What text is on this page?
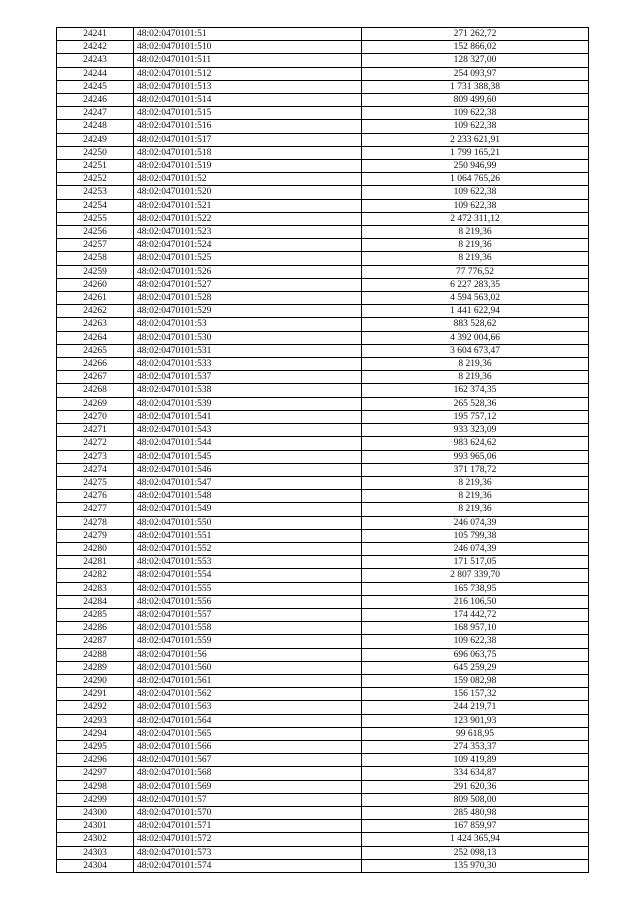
24241	48:02:0470101:51	271 262,72
24242	48:02:0470101:510	152 866,02
24243	48:02:0470101:511	128 327,00
24244	48:02:0470101:512	254 093,97
24245	48:02:0470101:513	1 731 388,38
24246	48:02:0470101:514	809 499,60
24247	48:02:0470101:515	109 622,38
24248	48:02:0470101:516	109 622,38
24249	48:02:0470101:517	2 233 621,91
24250	48:02:0470101:518	1 799 165,21
24251	48:02:0470101:519	250 946,99
24252	48:02:0470101:52	1 064 765,26
24253	48:02:0470101:520	109 622,38
24254	48:02:0470101:521	109 622,38
24255	48:02:0470101:522	2 472 311,12
24256	48:02:0470101:523	8 219,36
24257	48:02:0470101:524	8 219,36
24258	48:02:0470101:525	8 219,36
24259	48:02:0470101:526	77 776,52
24260	48:02:0470101:527	6 227 283,35
24261	48:02:0470101:528	4 594 563,02
24262	48:02:0470101:529	1 441 622,94
24263	48:02:0470101:53	883 528,62
24264	48:02:0470101:530	4 392 004,66
24265	48:02:0470101:531	3 604 673,47
24266	48:02:0470101:533	8 219,36
24267	48:02:0470101:537	8 219,36
24268	48:02:0470101:538	162 374,35
24269	48:02:0470101:539	265 528,36
24270	48:02:0470101:541	195 757,12
24271	48:02:0470101:543	933 323,09
24272	48:02:0470101:544	983 624,62
24273	48:02:0470101:545	993 965,06
24274	48:02:0470101:546	371 178,72
24275	48:02:0470101:547	8 219,36
24276	48:02:0470101:548	8 219,36
24277	48:02:0470101:549	8 219,36
24278	48:02:0470101:550	246 074,39
24279	48:02:0470101:551	105 799,38
24280	48:02:0470101:552	246 074,39
24281	48:02:0470101:553	171 517,05
24282	48:02:0470101:554	2 807 339,70
24283	48:02:0470101:555	165 738,95
24284	48:02:0470101:556	216 106,50
24285	48:02:0470101:557	174 442,72
24286	48:02:0470101:558	168 957,10
24287	48:02:0470101:559	109 622,38
24288	48:02:0470101:56	696 063,75
24289	48:02:0470101:560	645 259,29
24290	48:02:0470101:561	159 082,98
24291	48:02:0470101:562	156 157,32
24292	48:02:0470101:563	244 219,71
24293	48:02:0470101:564	123 901,93
24294	48:02:0470101:565	99 618,95
24295	48:02:0470101:566	274 353,37
24296	48:02:0470101:567	109 419,89
24297	48:02:0470101:568	334 634,87
24298	48:02:0470101:569	291 620,36
24299	48:02:0470101:57	809 508,00
24300	48:02:0470101:570	285 480,98
24301	48:02:0470101:571	167 859,97
24302	48:02:0470101:572	1 424 365,94
24303	48:02:0470101:573	252 098,13
24304	48:02:0470101:574	135 970,30
